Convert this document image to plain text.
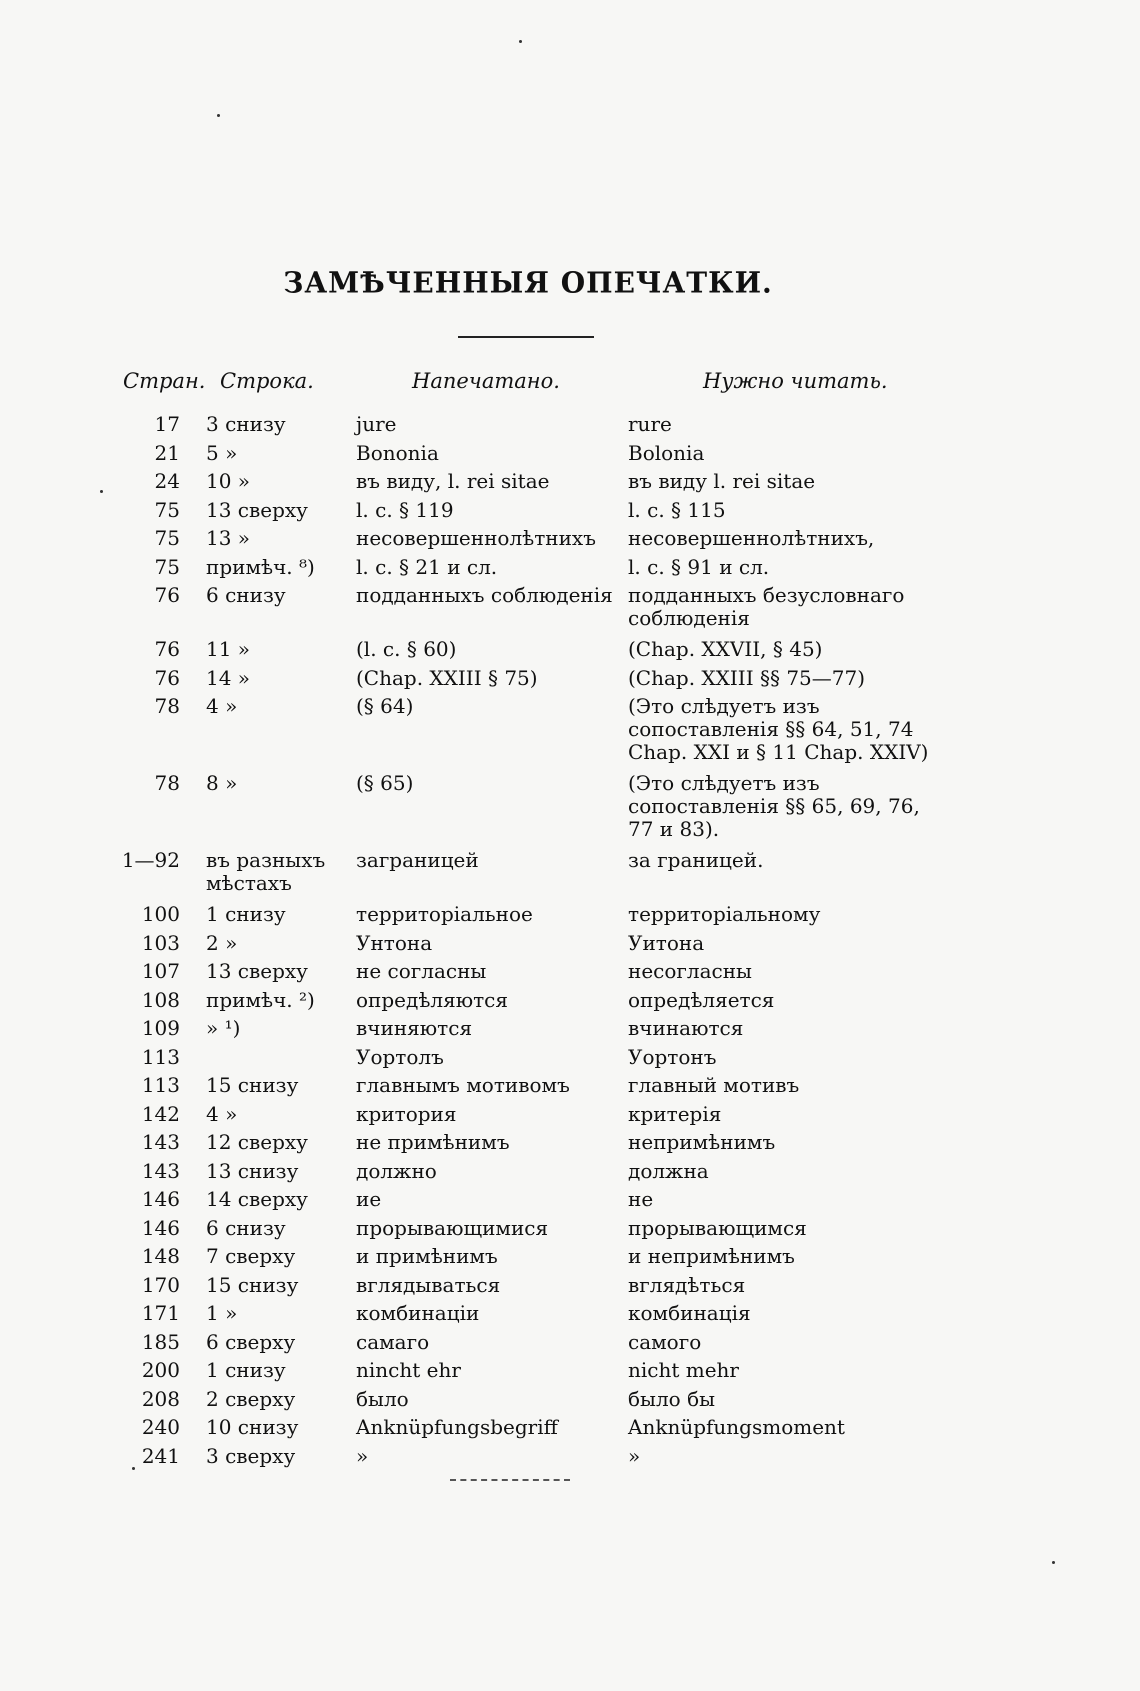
ЗАМѢЧЕННЫЯ ОПЕЧАТКИ.
Стран. Строка.	Напечатано.	Нужно читать.
17	3 снизу	jure	rure
21	5 »	Bononia	Bolonia
24	10 »	въ виду, l. rei sitae	въ виду l. rei sitae
75	13 сверху	l. c. § 119	l. c. § 115
75	13 »	несовершеннолѣтнихъ	несовершеннолѣтнихъ,
75	примѣч. ⁸)	l. c. § 21 и сл.	l. c. § 91 и сл.
76	6 снизу	подданныхъ соблюденія	подданныхъ безусловнаго соблюденія
76	11 »	(l. c. § 60)	(Chap. XXVII, § 45)
76	14 »	(Chap. XXIII § 75)	(Chap. XXIII §§ 75—77)
78	4 »	(§ 64)	(Это слѣдуетъ изъ сопоставленія §§ 64, 51, 74 Chap. XXI и § 11 Chap. XXIV)
78	8 »	(§ 65)	(Это слѣдуетъ изъ сопоставленія §§ 65, 69, 76, 77 и 83).
1—92	въ разныхъ мѣстахъ	заграницей	за границей.
100	1 снизу	территоріальное	территоріальному
103	2 »	Унтона	Уитона
107	13 сверху	не согласны	несогласны
108	примѣч. ²)	опредѣляются	опредѣляется
109	» ¹)	вчиняются	вчинаются
113		Уортолъ	Уортонъ
113	15 снизу	главнымъ мотивомъ	главный мотивъ
142	4 »	критория	критерія
143	12 сверху	не примѣнимъ	непримѣнимъ
143	13 снизу	должно	должна
146	14 сверху	ие	не
146	6 снизу	прорывающимися	прорывающимся
148	7 сверху	и примѣнимъ	и непримѣнимъ
170	15 снизу	вглядываться	вглядѣться
171	1 »	комбинаціи	комбинація
185	6 сверху	самаго	самого
200	1 снизу	ninсht ehr	nicht mehr
208	2 сверху	было	было бы
240	10 снизу	Anknüpfungsbegriff	Anknüpfungsmoment
241	3 сверху	»	»
